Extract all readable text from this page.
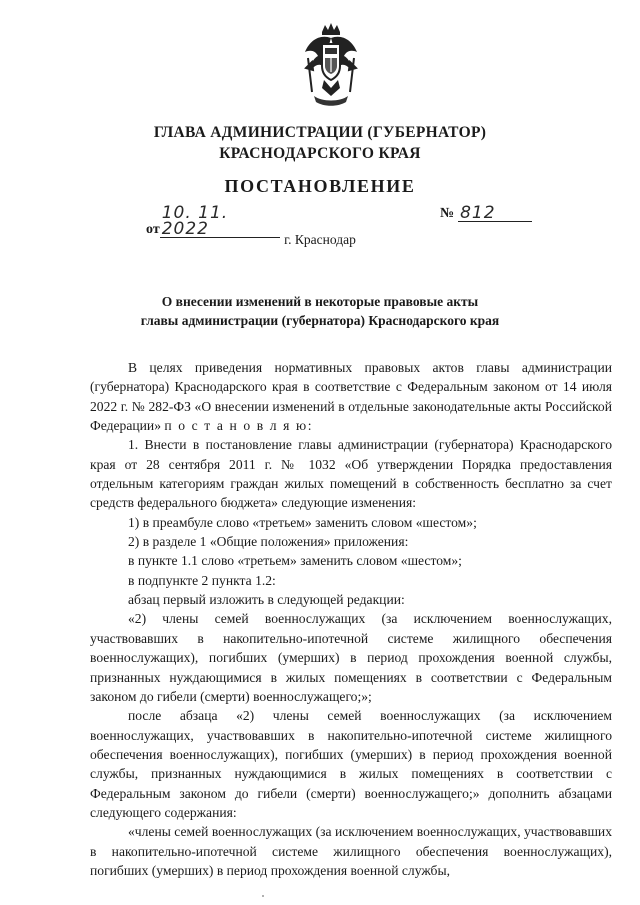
ГЛАВА АДМИНИСТРАЦИИ (ГУБЕРНАТОР)
КРАСНОДАРСКОГО КРАЯ
ПОСТАНОВЛЕНИЕ
от
10. 11. 2022
№ 812
г. Краснодар
О внесении изменений в некоторые правовые акты
главы администрации (губернатора) Краснодарского края

В целях приведения нормативных правовых актов главы администрации (губернатора) Краснодарского края в соответствие с Федеральным законом от 14 июля 2022 г. № 282-ФЗ «О внесении изменений в отдельные законодательные акты Российской Федерации» п о с т а н о в л я ю:

1. Внести в постановление главы администрации (губернатора) Краснодарского края от 28 сентября 2011 г. № 1032 «Об утверждении Порядка предоставления отдельным категориям граждан жилых помещений в собственность бесплатно за счет средств федерального бюджета» следующие изменения:

1) в преамбуле слово «третьем» заменить словом «шестом»;

2) в разделе 1 «Общие положения» приложения:

в пункте 1.1 слово «третьем» заменить словом «шестом»;

в подпункте 2 пункта 1.2:

абзац первый изложить в следующей редакции:

«2) члены семей военнослужащих (за исключением военнослужащих, участвовавших в накопительно-ипотечной системе жилищного обеспечения военнослужащих), погибших (умерших) в период прохождения военной службы, признанных нуждающимися в жилых помещениях в соответствии с Федеральным законом до гибели (смерти) военнослужащего;»;

после абзаца «2) члены семей военнослужащих (за исключением военнослужащих, участвовавших в накопительно-ипотечной системе жилищного обеспечения военнослужащих), погибших (умерших) в период прохождения военной службы, признанных нуждающимися в жилых помещениях в соответствии с Федеральным законом до гибели (смерти) военнослужащего;» дополнить абзацами следующего содержания:

«члены семей военнослужащих (за исключением военнослужащих, участвовавших в накопительно-ипотечной системе жилищного обеспечения военнослужащих), погибших (умерших) в период прохождения военной службы,
